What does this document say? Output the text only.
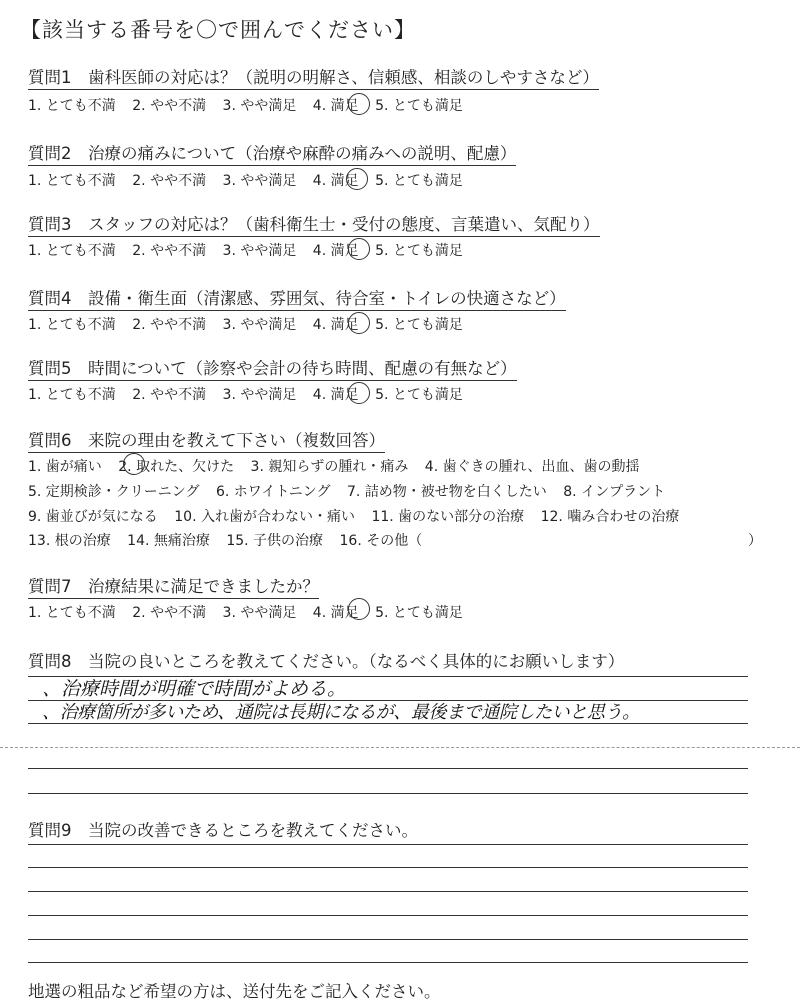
【該当する番号を〇で囲んでください】
質問1　歯科医師の対応は？（説明の明解さ、信頼感、相談のしやすさなど）
1. とても不満 2. やや不満 3. やや満足 4. 満足 5. とても満足
質問2　治療の痛みについて（治療や麻酔の痛みへの説明、配慮）
1. とても不満 2. やや不満 3. やや満足 4. 満足 5. とても満足
質問3　スタッフの対応は？（歯科衛生士・受付の態度、言葉遣い、気配り）
1. とても不満 2. やや不満 3. やや満足 4. 満足 5. とても満足
質問4　設備・衛生面（清潔感、雰囲気、待合室・トイレの快適さなど）
1. とても不満 2. やや不満 3. やや満足 4. 満足 5. とても満足
質問5　時間について（診察や会計の待ち時間、配慮の有無など）
1. とても不満 2. やや不満 3. やや満足 4. 満足 5. とても満足
質問6　来院の理由を教えて下さい（複数回答）
1. 歯が痛い 2. 取れた、欠けた 3. 親知らずの腫れ・痛み 4. 歯ぐきの腫れ、出血、歯の動揺
5. 定期検診・クリーニング 6. ホワイトニング 7. 詰め物・被せ物を白くしたい 8. インプラント
9. 歯並びが気になる 10. 入れ歯が合わない・痛い 11. 歯のない部分の治療 12. 噛み合わせの治療
13. 根の治療 14. 無痛治療 15. 子供の治療 16. その他（	）
質問7　治療結果に満足できましたか？
1. とても不満 2. やや不満 3. やや満足 4. 満足 5. とても満足
質問8　当院の良いところを教えてください。（なるべく具体的にお願いします）
、治療時間が明確で時間がよめる。
、治療箇所が多いため、通院は長期になるが、最後まで通院したいと思う。
質問9　当院の改善できるところを教えてください。
地選の粗品など希望の方は、送付先をご記入ください。
